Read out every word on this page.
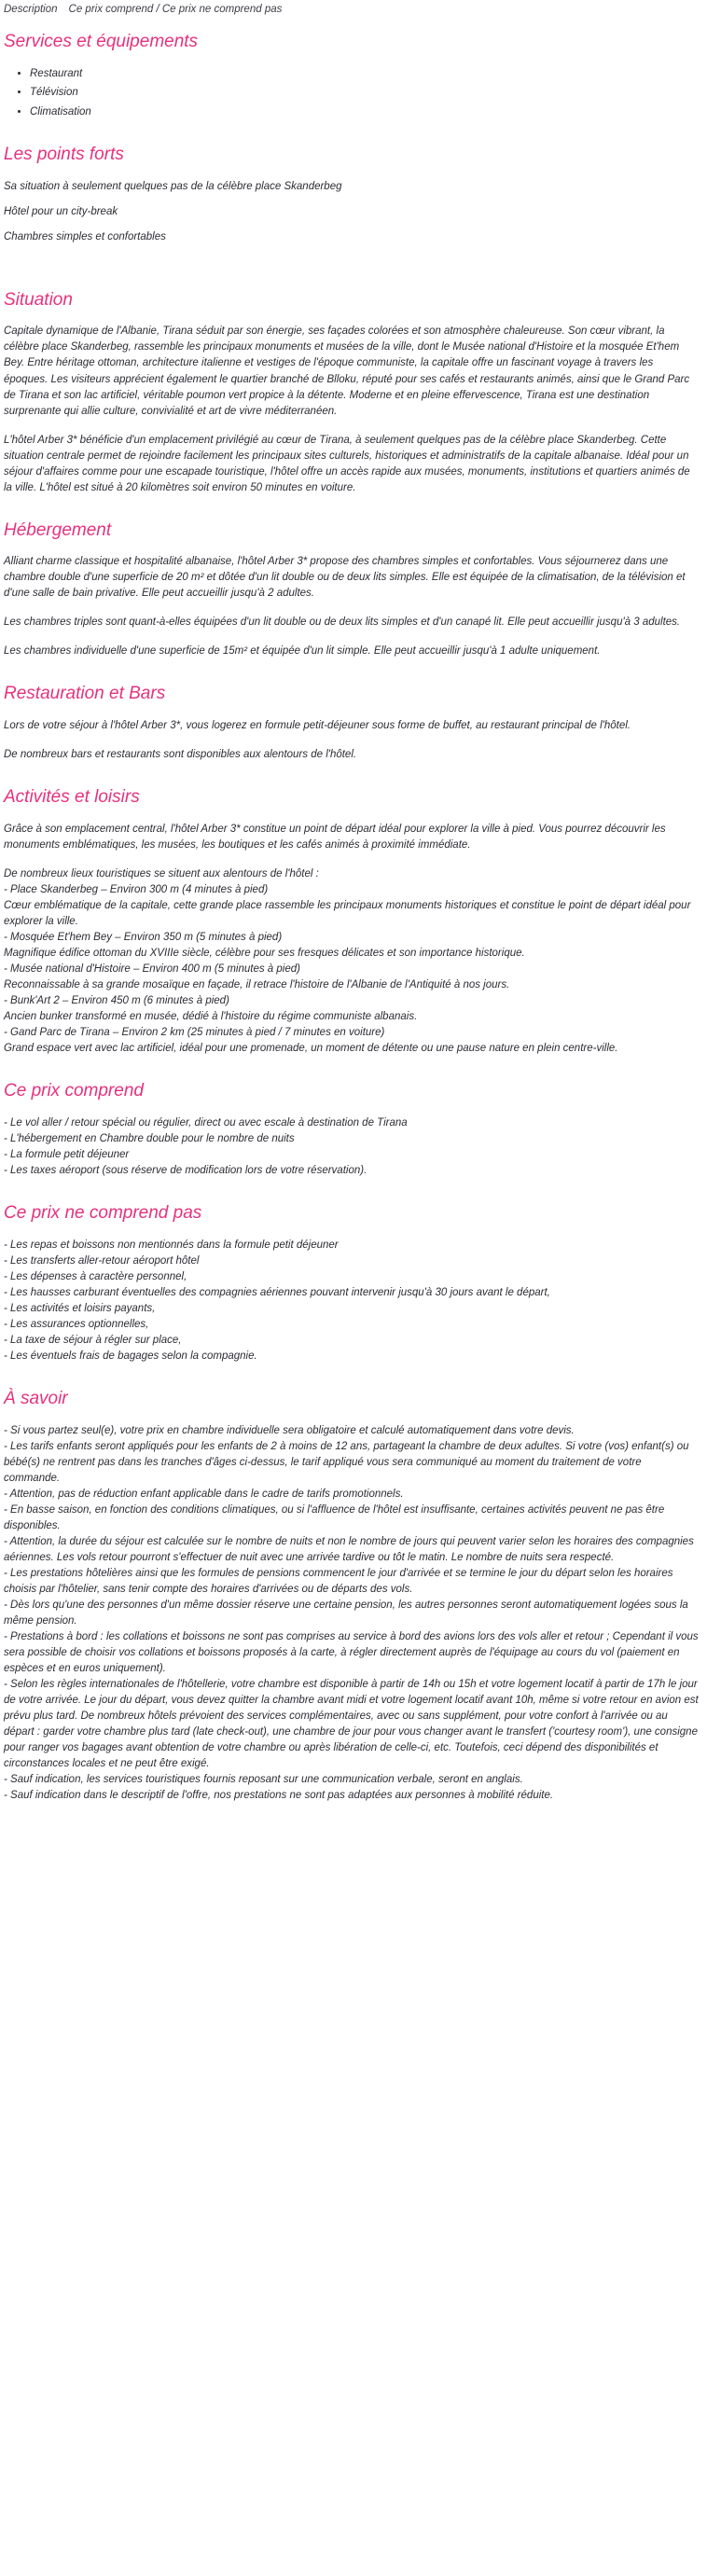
Description Ce prix comprend / Ce prix ne comprend pas
Services et équipements
• Restaurant
• Télévision
• Climatisation
Les points forts

Sa situation à seulement quelques pas de la célèbre place Skanderbeg

Hôtel pour un city-break

Chambres simples et confortables

Situation

Capitale dynamique de l'Albanie, Tirana séduit par son énergie, ses façades colorées et son atmosphère chaleureuse. Son cœur vibrant, la célèbre place Skanderbeg, rassemble les principaux monuments et musées de la ville, dont le Musée national d'Histoire et la mosquée Et'hem Bey. Entre héritage ottoman, architecture italienne et vestiges de l'époque communiste, la capitale offre un fascinant voyage à travers les époques. Les visiteurs apprécient également le quartier branché de Blloku, réputé pour ses cafés et restaurants animés, ainsi que le Grand Parc de Tirana et son lac artificiel, véritable poumon vert propice à la détente. Moderne et en pleine effervescence, Tirana est une destination surprenante qui allie culture, convivialité et art de vivre méditerranéen.

L'hôtel Arber 3* bénéficie d'un emplacement privilégié au cœur de Tirana, à seulement quelques pas de la célèbre place Skanderbeg. Cette situation centrale permet de rejoindre facilement les principaux sites culturels, historiques et administratifs de la capitale albanaise. Idéal pour un séjour d'affaires comme pour une escapade touristique, l'hôtel offre un accès rapide aux musées, monuments, institutions et quartiers animés de la ville. L'hôtel est situé à 20 kilomètres soit environ 50 minutes en voiture.

Hébergement

Alliant charme classique et hospitalité albanaise, l'hôtel Arber 3* propose des chambres simples et confortables. Vous séjournerez dans une chambre double d'une superficie de 20 m² et dôtée d'un lit double ou de deux lits simples. Elle est équipée de la climatisation, de la télévision et d'une salle de bain privative. Elle peut accueillir jusqu'à 2 adultes.

Les chambres triples sont quant-à-elles équipées d'un lit double ou de deux lits simples et d'un canapé lit. Elle peut accueillir jusqu'à 3 adultes.

Les chambres individuelle d'une superficie de 15m² et équipée d'un lit simple. Elle peut accueillir jusqu'à 1 adulte uniquement.

Restauration et Bars

Lors de votre séjour à l'hôtel Arber 3*, vous logerez en formule petit-déjeuner sous forme de buffet, au restaurant principal de l'hôtel.

De nombreux bars et restaurants sont disponibles aux alentours de l'hôtel.

Activités et loisirs

Grâce à son emplacement central, l'hôtel Arber 3* constitue un point de départ idéal pour explorer la ville à pied. Vous pourrez découvrir les monuments emblématiques, les musées, les boutiques et les cafés animés à proximité immédiate.

De nombreux lieux touristiques se situent aux alentours de l'hôtel :

- Place Skanderbeg – Environ 300 m (4 minutes à pied)

Cœur emblématique de la capitale, cette grande place rassemble les principaux monuments historiques et constitue le point de départ idéal pour explorer la ville.

- Mosquée Et'hem Bey – Environ 350 m (5 minutes à pied)

Magnifique édifice ottoman du XVIIIe siècle, célèbre pour ses fresques délicates et son importance historique.

- Musée national d'Histoire – Environ 400 m (5 minutes à pied)

Reconnaissable à sa grande mosaïque en façade, il retrace l'histoire de l'Albanie de l'Antiquité à nos jours.

- Bunk'Art 2 – Environ 450 m (6 minutes à pied)

Ancien bunker transformé en musée, dédié à l'histoire du régime communiste albanais.

- Gand Parc de Tirana – Environ 2 km (25 minutes à pied / 7 minutes en voiture)

Grand espace vert avec lac artificiel, idéal pour une promenade, un moment de détente ou une pause nature en plein centre-ville.

Ce prix comprend

- Le vol aller / retour spécial ou régulier, direct ou avec escale à destination de Tirana

- L'hébergement en Chambre double pour le nombre de nuits

- La formule petit déjeuner

- Les taxes aéroport (sous réserve de modification lors de votre réservation).

Ce prix ne comprend pas

- Les repas et boissons non mentionnés dans la formule petit déjeuner

- Les transferts aller-retour aéroport hôtel

- Les dépenses à caractère personnel,

- Les hausses carburant éventuelles des compagnies aériennes pouvant intervenir jusqu'à 30 jours avant le départ,

- Les activités et loisirs payants,

- Les assurances optionnelles,

- La taxe de séjour à régler sur place,

- Les éventuels frais de bagages selon la compagnie.

À savoir

- Si vous partez seul(e), votre prix en chambre individuelle sera obligatoire et calculé automatiquement dans votre devis.

- Les tarifs enfants seront appliqués pour les enfants de 2 à moins de 12 ans, partageant la chambre de deux adultes. Si votre (vos) enfant(s) ou bébé(s) ne rentrent pas dans les tranches d'âges ci-dessus, le tarif appliqué vous sera communiqué au moment du traitement de votre commande.

- Attention, pas de réduction enfant applicable dans le cadre de tarifs promotionnels.

- En basse saison, en fonction des conditions climatiques, ou si l'affluence de l'hôtel est insuffisante, certaines activités peuvent ne pas être disponibles.

- Attention, la durée du séjour est calculée sur le nombre de nuits et non le nombre de jours qui peuvent varier selon les horaires des compagnies aériennes. Les vols retour pourront s'effectuer de nuit avec une arrivée tardive ou tôt le matin. Le nombre de nuits sera respecté.

- Les prestations hôtelières ainsi que les formules de pensions commencent le jour d'arrivée et se termine le jour du départ selon les horaires choisis par l'hôtelier, sans tenir compte des horaires d'arrivées ou de départs des vols.

- Dès lors qu'une des personnes d'un même dossier réserve une certaine pension, les autres personnes seront automatiquement logées sous la même pension.

- Prestations à bord : les collations et boissons ne sont pas comprises au service à bord des avions lors des vols aller et retour ; Cependant il vous sera possible de choisir vos collations et boissons proposés à la carte, à régler directement auprès de l'équipage au cours du vol (paiement en espèces et en euros uniquement).

- Selon les règles internationales de l'hôtellerie, votre chambre est disponible à partir de 14h ou 15h et votre logement locatif à partir de 17h le jour de votre arrivée. Le jour du départ, vous devez quitter la chambre avant midi et votre logement locatif avant 10h, même si votre retour en avion est prévu plus tard. De nombreux hôtels prévoient des services complémentaires, avec ou sans supplément, pour votre confort à l'arrivée ou au départ : garder votre chambre plus tard (late check-out), une chambre de jour pour vous changer avant le transfert ('courtesy room'), une consigne pour ranger vos bagages avant obtention de votre chambre ou après libération de celle-ci, etc. Toutefois, ceci dépend des disponibilités et circonstances locales et ne peut être exigé.

- Sauf indication, les services touristiques fournis reposant sur une communication verbale, seront en anglais.

- Sauf indication dans le descriptif de l'offre, nos prestations ne sont pas adaptées aux personnes à mobilité réduite.
